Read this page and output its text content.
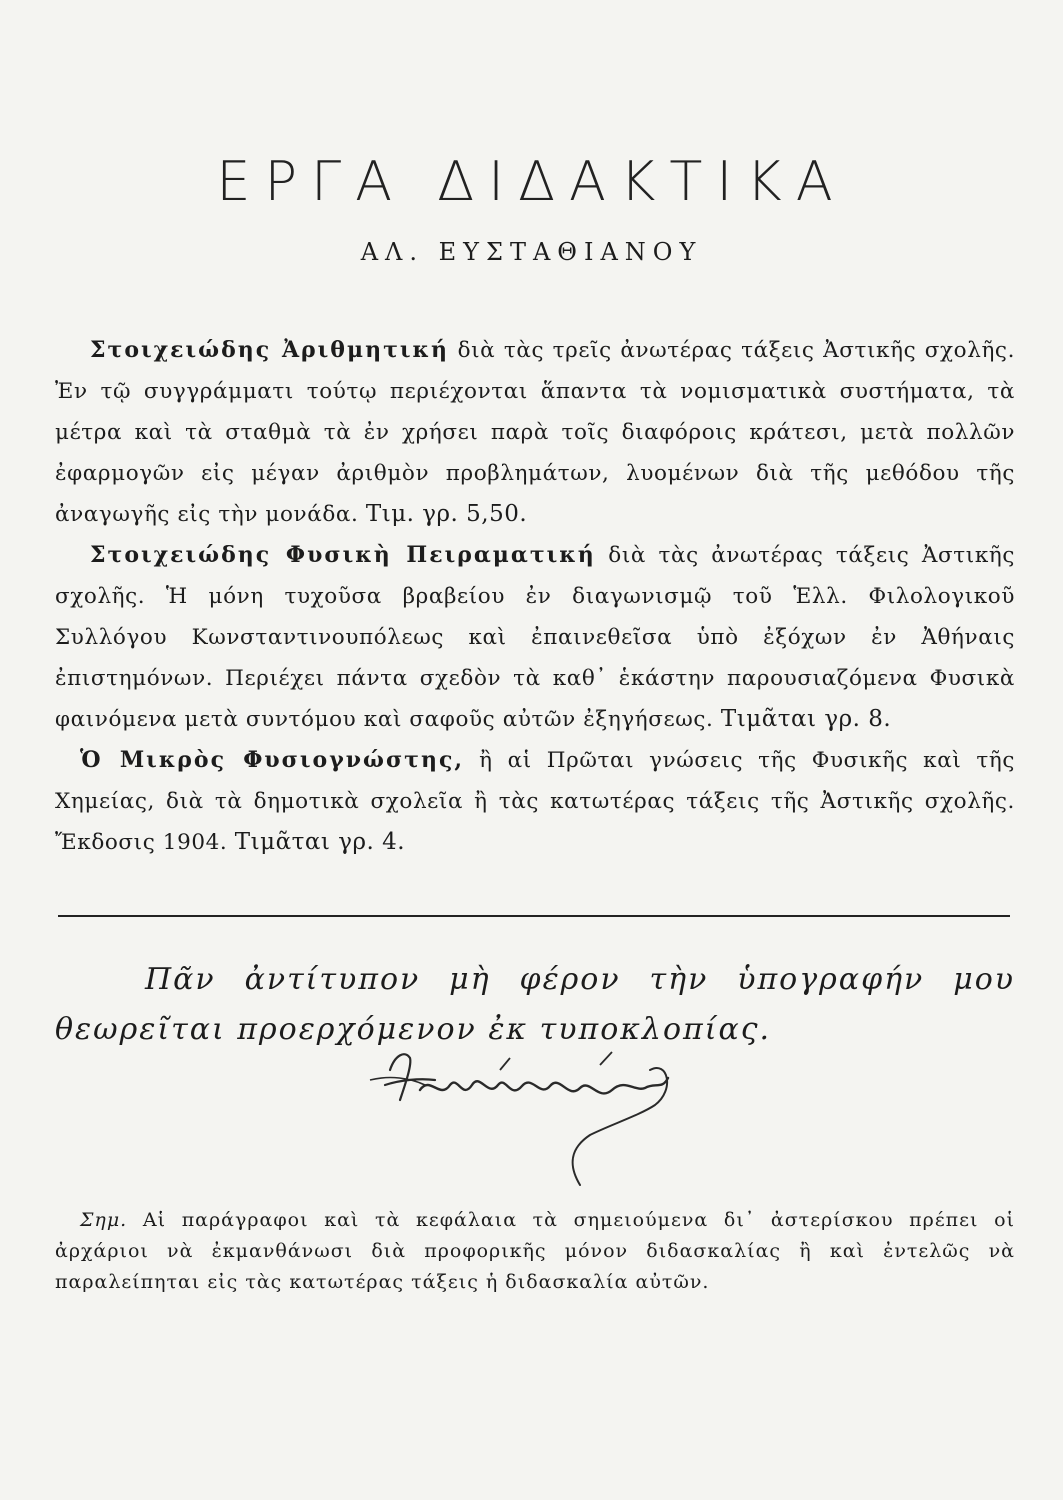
ΕΡΓΑ ΔΙΔΑΚΤΙΚΑ
ΑΛ. ΕΥΣΤΑΘΙΑΝΟΥ

Στοιχειώδης Ἀριθμητική διὰ τὰς τρεῖς ἀνωτέρας τάξεις Ἀστικῆς σχολῆς. Ἐν τῷ συγγράμματι τούτῳ περιέχονται ἅπαντα τὰ νομισματικὰ συστήματα, τὰ μέτρα καὶ τὰ σταθμὰ τὰ ἐν χρήσει παρὰ τοῖς διαφόροις κράτεσι, μετὰ πολλῶν ἐφαρμογῶν εἰς μέγαν ἀριθμὸν προβλημάτων, λυομένων διὰ τῆς μεθόδου τῆς ἀναγωγῆς εἰς τὴν μονάδα. Τιμ. γρ. 5,50.

Στοιχειώδης Φυσικὴ Πειραματική διὰ τὰς ἀνωτέρας τάξεις Ἀστικῆς σχολῆς. Ἡ μόνη τυχοῦσα βραβείου ἐν διαγωνισμῷ τοῦ Ἑλλ. Φιλολογικοῦ Συλλόγου Κωνσταντινουπόλεως καὶ ἐπαινεθεῖσα ὑπὸ ἐξόχων ἐν Ἀθήναις ἐπιστημόνων. Περιέχει πάντα σχεδὸν τὰ καθ᾽ ἑκάστην παρουσιαζόμενα Φυσικὰ φαινόμενα μετὰ συντόμου καὶ σαφοῦς αὐτῶν ἐξηγήσεως. Τιμᾶται γρ. 8.

Ὁ Μικρὸς Φυσιογνώστης, ἢ αἱ Πρῶται γνώσεις τῆς Φυσικῆς καὶ τῆς Χημείας, διὰ τὰ δημοτικὰ σχολεῖα ἢ τὰς κατωτέρας τάξεις τῆς Ἀστικῆς σχολῆς. Ἔκδοσις 1904. Τιμᾶται γρ. 4.

Πᾶν ἀντίτυπον μὴ φέρον τὴν ὑπογραφήν μου θεωρεῖται προερχόμενον ἐκ τυποκλοπίας.
Σημ. Αἱ παράγραφοι καὶ τὰ κεφάλαια τὰ σημειούμενα δι᾽ ἀστερίσκου πρέπει οἱ ἀρχάριοι νὰ ἐκμανθάνωσι διὰ προφορικῆς μόνον διδασκαλίας ἢ καὶ ἐντελῶς νὰ παραλείπηται εἰς τὰς κατωτέρας τάξεις ἡ διδασκαλία αὐτῶν.
